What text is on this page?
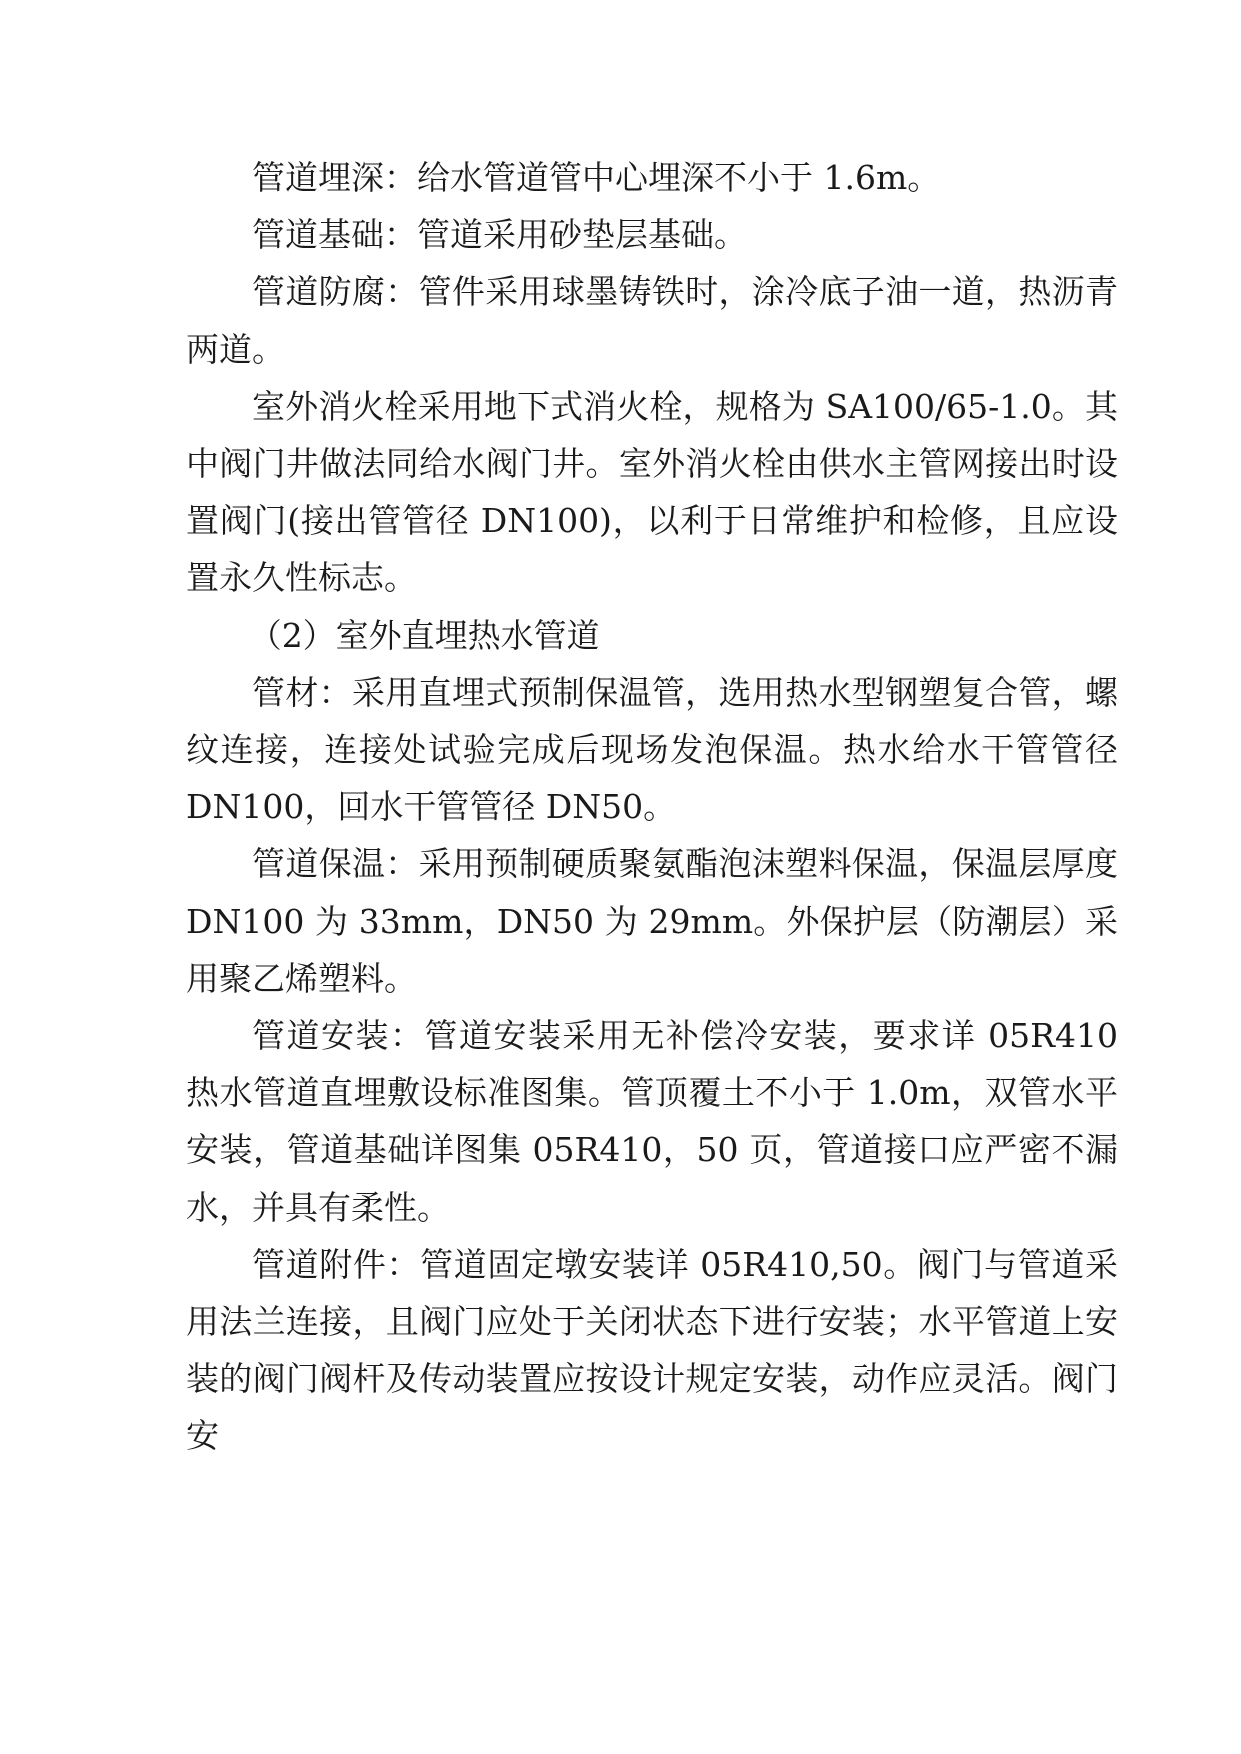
管道埋深：给水管道管中心埋深不小于 1.6m。

管道基础：管道采用砂垫层基础。

管道防腐：管件采用球墨铸铁时，涂冷底子油一道，热沥青两道。

室外消火栓采用地下式消火栓，规格为 SA100/65-1.0。其中阀门井做法同给水阀门井。室外消火栓由供水主管网接出时设置阀门(接出管管径 DN100)，以利于日常维护和检修，且应设置永久性标志。

（2）室外直埋热水管道

管材：采用直埋式预制保温管，选用热水型钢塑复合管，螺纹连接，连接处试验完成后现场发泡保温。热水给水干管管径 DN100，回水干管管径 DN50。

管道保温：采用预制硬质聚氨酯泡沫塑料保温，保温层厚度 DN100 为 33mm，DN50 为 29mm。外保护层（防潮层）采用聚乙烯塑料。

管道安装：管道安装采用无补偿冷安装，要求详 05R410 热水管道直埋敷设标准图集。管顶覆土不小于 1.0m，双管水平安装，管道基础详图集 05R410，50 页，管道接口应严密不漏水，并具有柔性。

管道附件：管道固定墩安装详 05R410,50。阀门与管道采用法兰连接，且阀门应处于关闭状态下进行安装；水平管道上安装的阀门阀杆及传动装置应按设计规定安装，动作应灵活。阀门安
